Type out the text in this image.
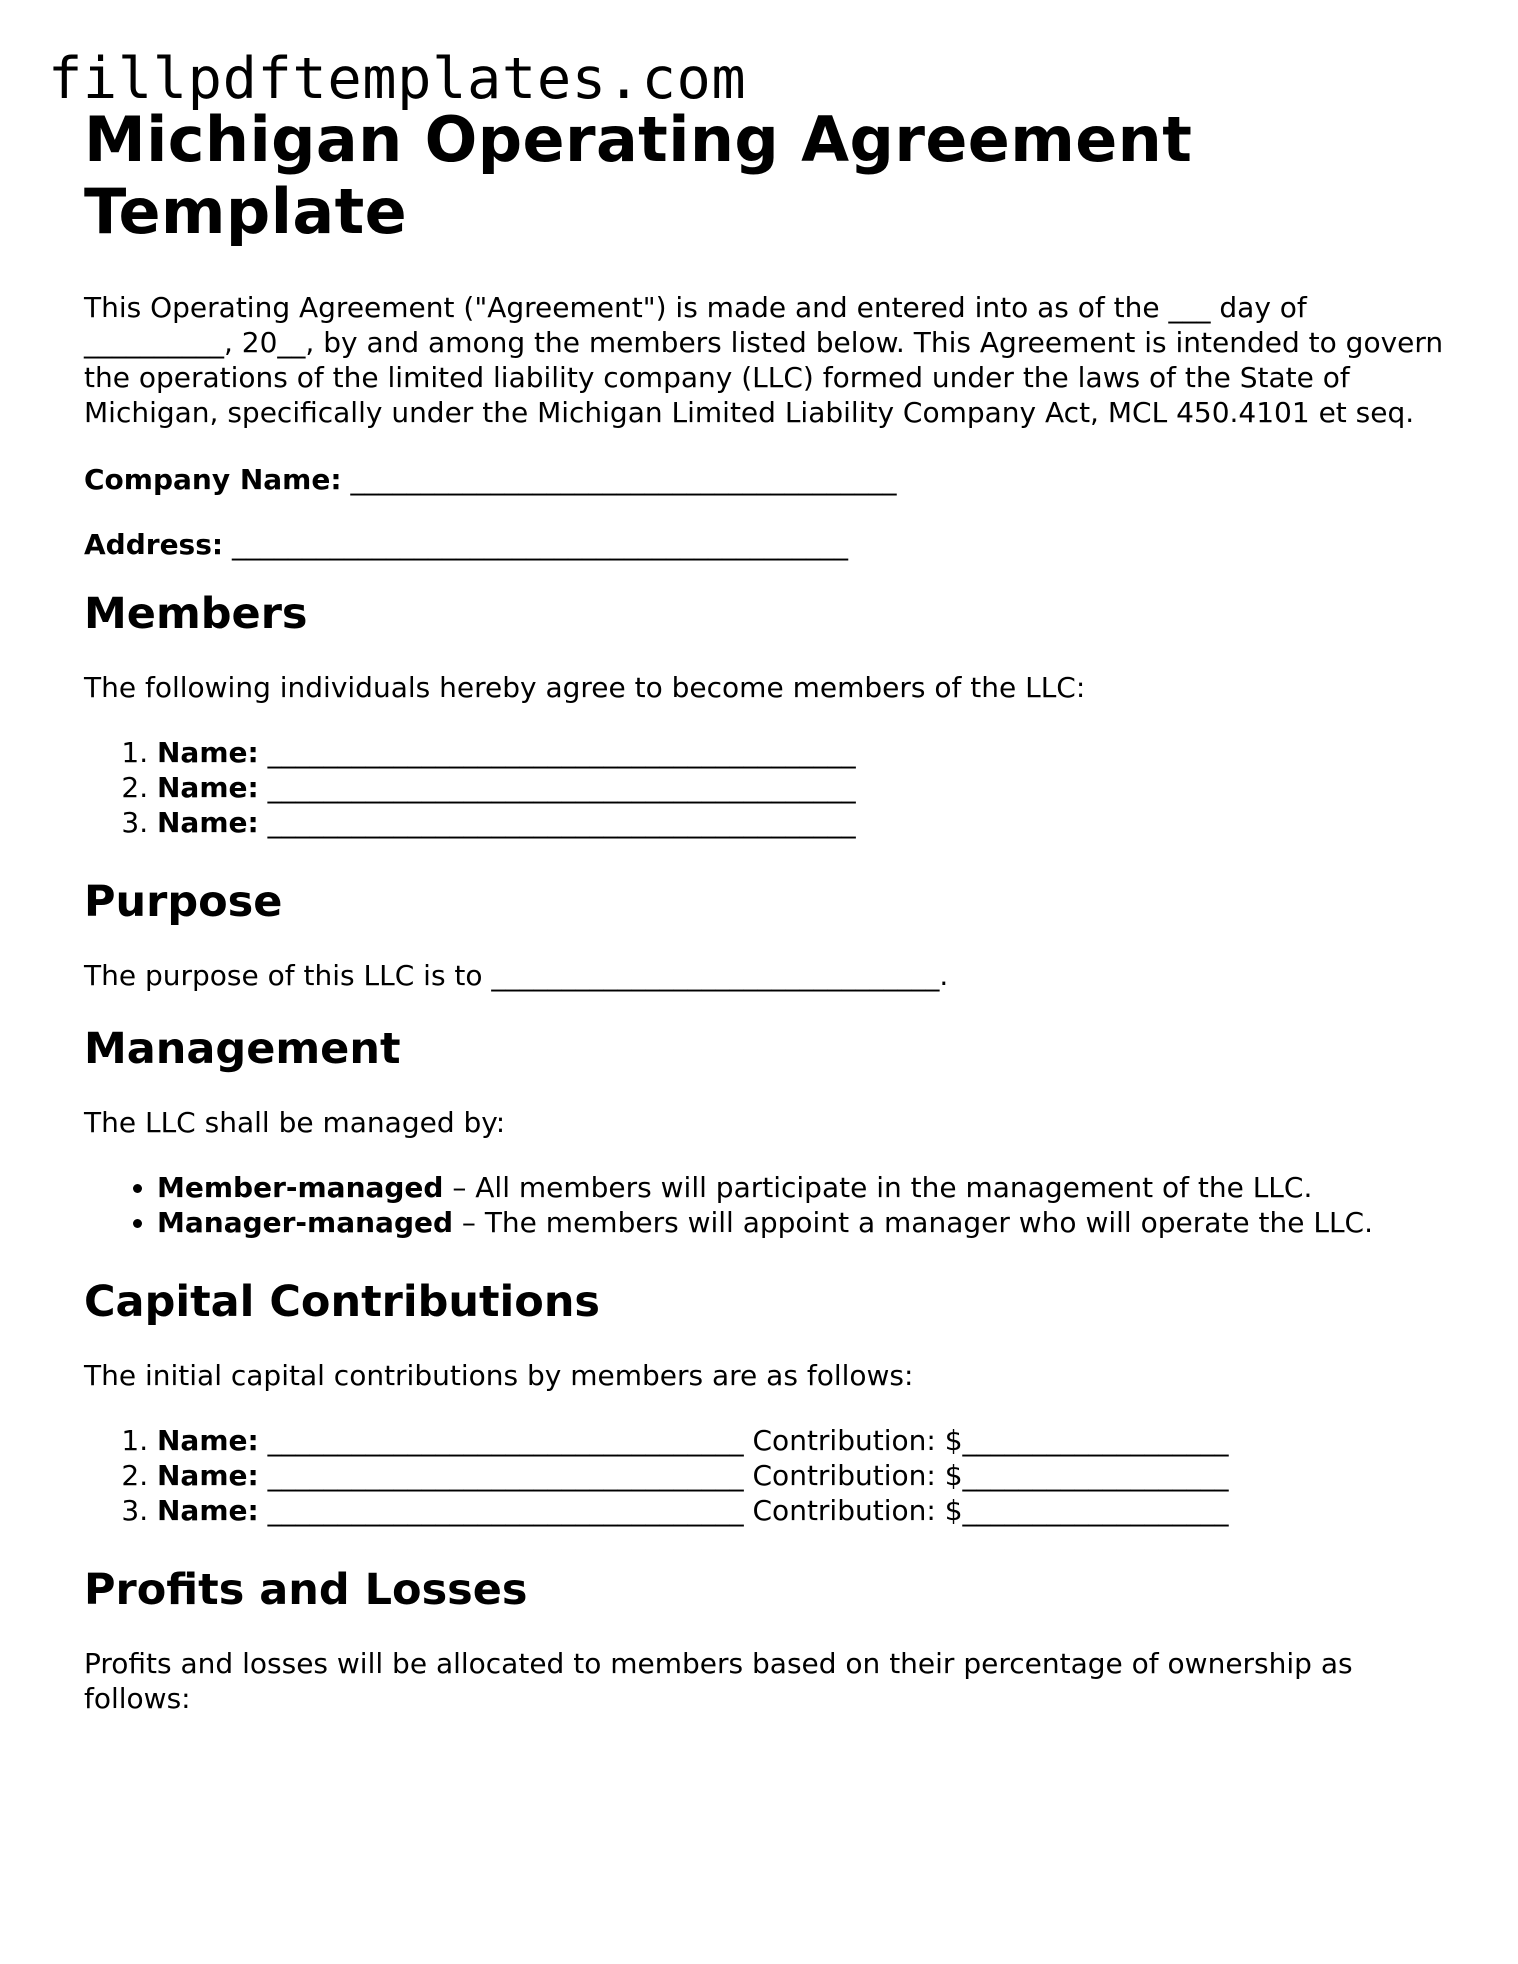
fillpdftemplates.com
Michigan Operating Agreement Template

This Operating Agreement ("Agreement") is made and entered into as of the ___ day of __________, 20__, by and among the members listed below. This Agreement is intended to govern the operations of the limited liability company (LLC) formed under the laws of the State of Michigan, specifically under the Michigan Limited Liability Company Act, MCL 450.4101 et seq.

Company Name: _______________________________________
Address: ____________________________________________
Members

The following individuals hereby agree to become members of the LLC:

1. Name: __________________________________________
2. Name: __________________________________________
3. Name: __________________________________________
Purpose

The purpose of this LLC is to ________________________________.

Management

The LLC shall be managed by:

• Member-managed – All members will participate in the management of the LLC.
• Manager-managed – The members will appoint a manager who will operate the LLC.
Capital Contributions

The initial capital contributions by members are as follows:

1. Name: __________________________________ Contribution: $___________________
2. Name: __________________________________ Contribution: $___________________
3. Name: __________________________________ Contribution: $___________________
Profits and Losses

Profits and losses will be allocated to members based on their percentage of ownership as follows:
